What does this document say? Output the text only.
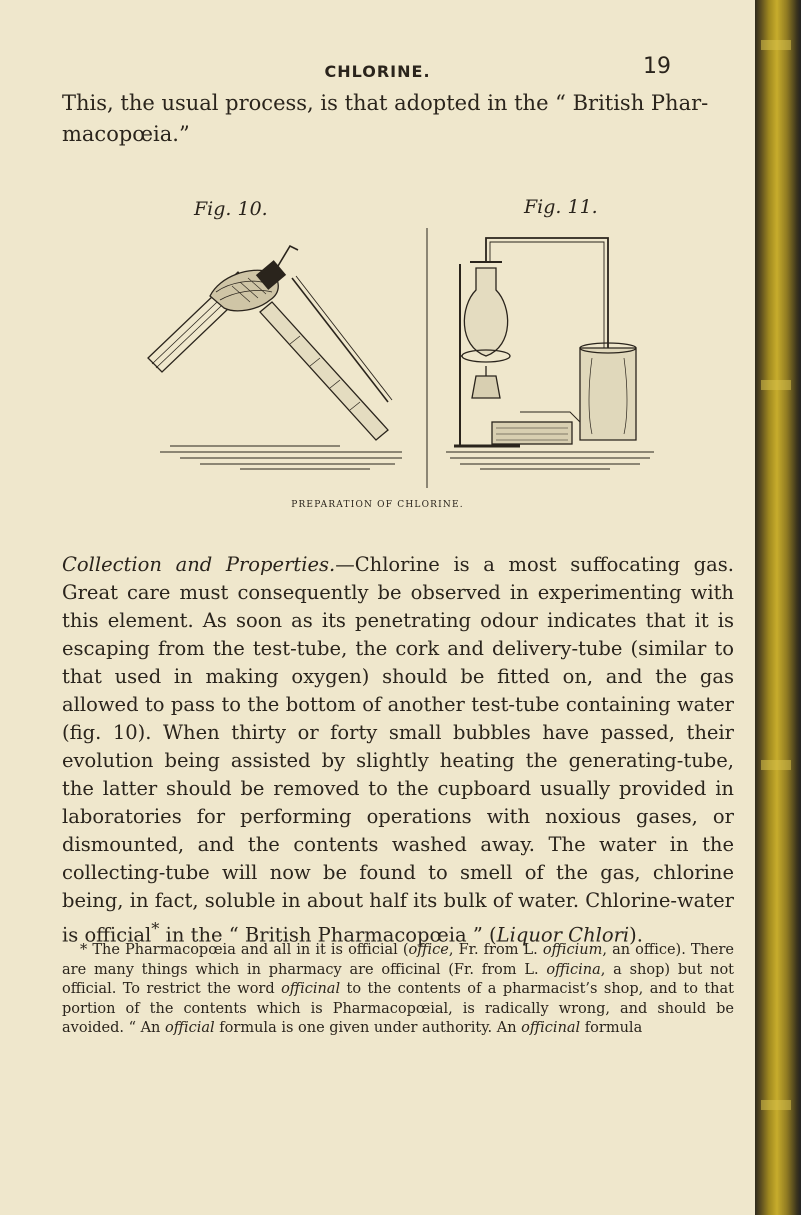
CHLORINE.	19

This, the usual process, is that adopted in the “ British Phar-
macopœia.”

Fig. 10.	Fig. 11.

PREPARATION OF CHLORINE.

Collection and Properties.—Chlorine is a most suffocating gas. Great care must consequently be observed in experimenting with this element. As soon as its penetrating odour indicates that it is escaping from the test-tube, the cork and delivery-tube (similar to that used in making oxygen) should be fitted on, and the gas allowed to pass to the bottom of another test-tube containing water (fig. 10). When thirty or forty small bubbles have passed, their evolution being assisted by slightly heating the generating-tube, the latter should be removed to the cupboard usually provided in laboratories for performing operations with noxious gases, or dismounted, and the contents washed away. The water in the collecting-tube will now be found to smell of the gas, chlorine being, in fact, soluble in about half its bulk of water. Chlorine-water is official* in the “ British Pharmacopœia ” (Liquor Chlori).

* The Pharmacopœia and all in it is official (office, Fr. from L. officium, an office). There are many things which in pharmacy are officinal (Fr. from L. officina, a shop) but not official. To restrict the word officinal to the contents of a pharmacist’s shop, and to that portion of the contents which is Pharmacopœial, is radically wrong, and should be avoided. “ An official formula is one given under authority. An officinal formula
